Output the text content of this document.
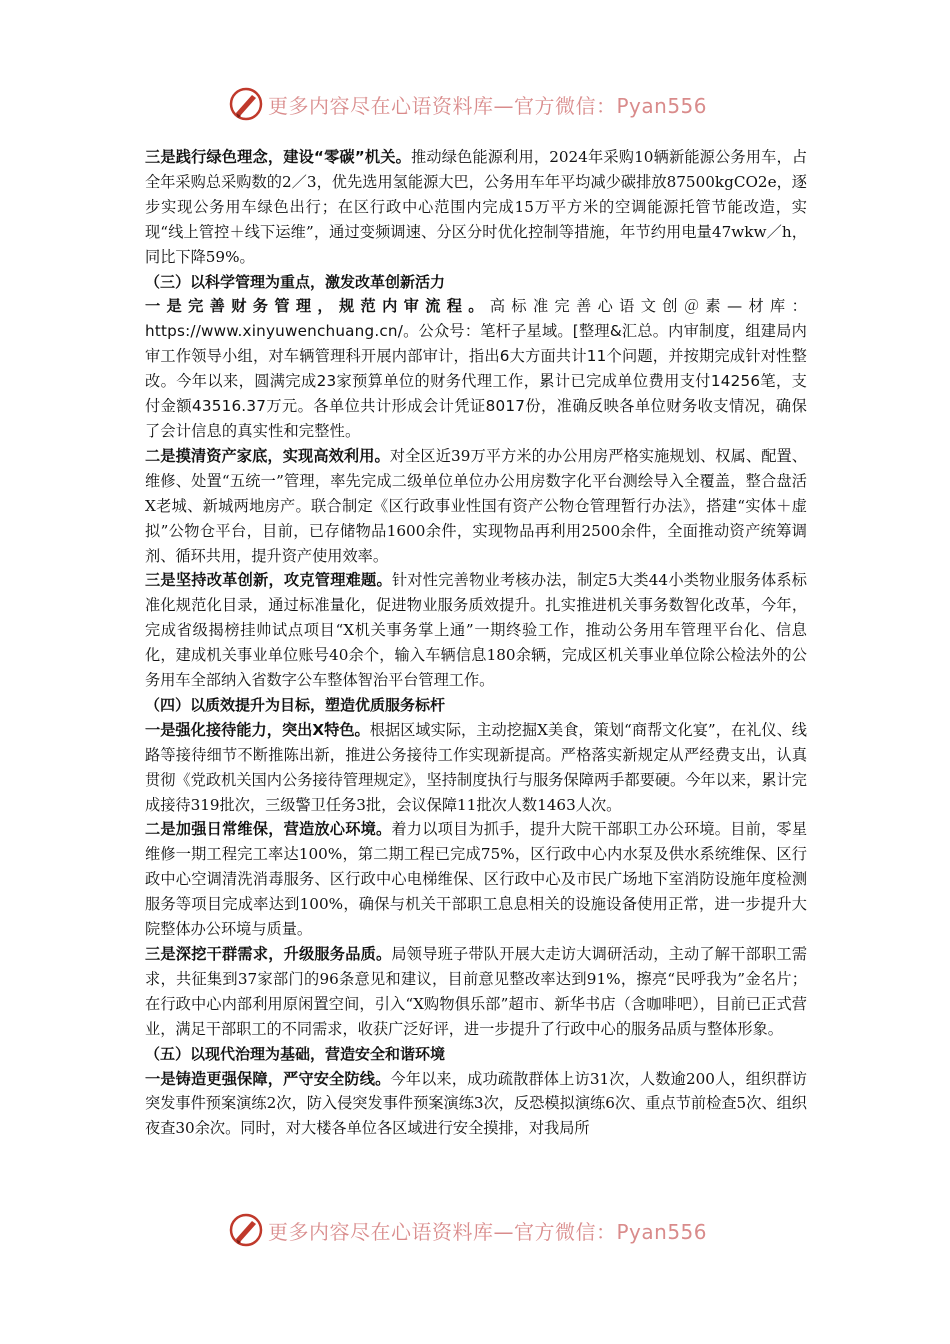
更多内容尽在心语资料库—官方微信：Pyan556

三是践行绿色理念，建设“零碳”机关。推动绿色能源利用，2024年采购10辆新能源公务用车，占全年采购总采购数的2／3，优先选用氢能源大巴，公务用车年平均减少碳排放87500kgCO2e，逐步实现公务用车绿色出行；在区行政中心范围内完成15万平方米的空调能源托管节能改造，实现“线上管控＋线下运维”，通过变频调速、分区分时优化控制等措施，年节约用电量47wkw／h，同比下降59%。

（三）以科学管理为重点，激发改革创新活力

一是完善财务管理，规范内审流程。高标准完善心语文创＠素—材库：https://www.xinyuwenchuang.cn/。公众号：笔杆子星域。[整理&汇总。内审制度，组建局内审工作领导小组，对车辆管理科开展内部审计，指出6大方面共计11个问题，并按期完成针对性整改。今年以来，圆满完成23家预算单位的财务代理工作，累计已完成单位费用支付14256笔，支付金额43516.37万元。各单位共计形成会计凭证8017份，准确反映各单位财务收支情况，确保了会计信息的真实性和完整性。

二是摸清资产家底，实现高效利用。对全区近39万平方米的办公用房严格实施规划、权属、配置、维修、处置“五统一”管理，率先完成二级单位单位办公用房数字化平台测绘导入全覆盖，整合盘活X老城、新城两地房产。联合制定《区行政事业性国有资产公物仓管理暂行办法》，搭建“实体＋虚拟”公物仓平台，目前，已存储物品1600余件，实现物品再利用2500余件，全面推动资产统筹调剂、循环共用，提升资产使用效率。

三是坚持改革创新，攻克管理难题。针对性完善物业考核办法，制定5大类44小类物业服务体系标准化规范化目录，通过标准量化，促进物业服务质效提升。扎实推进机关事务数智化改革，今年，完成省级揭榜挂帅试点项目“X机关事务掌上通”一期终验工作，推动公务用车管理平台化、信息化，建成机关事业单位账号40余个，输入车辆信息180余辆，完成区机关事业单位除公检法外的公务用车全部纳入省数字公车整体智治平台管理工作。

（四）以质效提升为目标，塑造优质服务标杆

一是强化接待能力，突出X特色。根据区域实际，主动挖掘X美食，策划“商帮文化宴”，在礼仪、线路等接待细节不断推陈出新，推进公务接待工作实现新提高。严格落实新规定从严经费支出，认真贯彻《党政机关国内公务接待管理规定》，坚持制度执行与服务保障两手都要硬。今年以来，累计完成接待319批次，三级警卫任务3批，会议保障11批次人数1463人次。

二是加强日常维保，营造放心环境。着力以项目为抓手，提升大院干部职工办公环境。目前，零星维修一期工程完工率达100%，第二期工程已完成75%，区行政中心内水泵及供水系统维保、区行政中心空调清洗消毒服务、区行政中心电梯维保、区行政中心及市民广场地下室消防设施年度检测服务等项目完成率达到100%，确保与机关干部职工息息相关的设施设备使用正常，进一步提升大院整体办公环境与质量。

三是深挖干群需求，升级服务品质。局领导班子带队开展大走访大调研活动，主动了解干部职工需求，共征集到37家部门的96条意见和建议，目前意见整改率达到91%，擦亮“民呼我为”金名片；在行政中心内部利用原闲置空间，引入“X购物俱乐部”超市、新华书店（含咖啡吧），目前已正式营业，满足干部职工的不同需求，收获广泛好评，进一步提升了行政中心的服务品质与整体形象。

（五）以现代治理为基础，营造安全和谐环境

一是铸造更强保障，严守安全防线。今年以来，成功疏散群体上访31次，人数逾200人，组织群访突发事件预案演练2次，防入侵突发事件预案演练3次，反恐模拟演练6次、重点节前检查5次、组织夜查30余次。同时，对大楼各单位各区域进行安全摸排，对我局所

更多内容尽在心语资料库—官方微信：Pyan556
